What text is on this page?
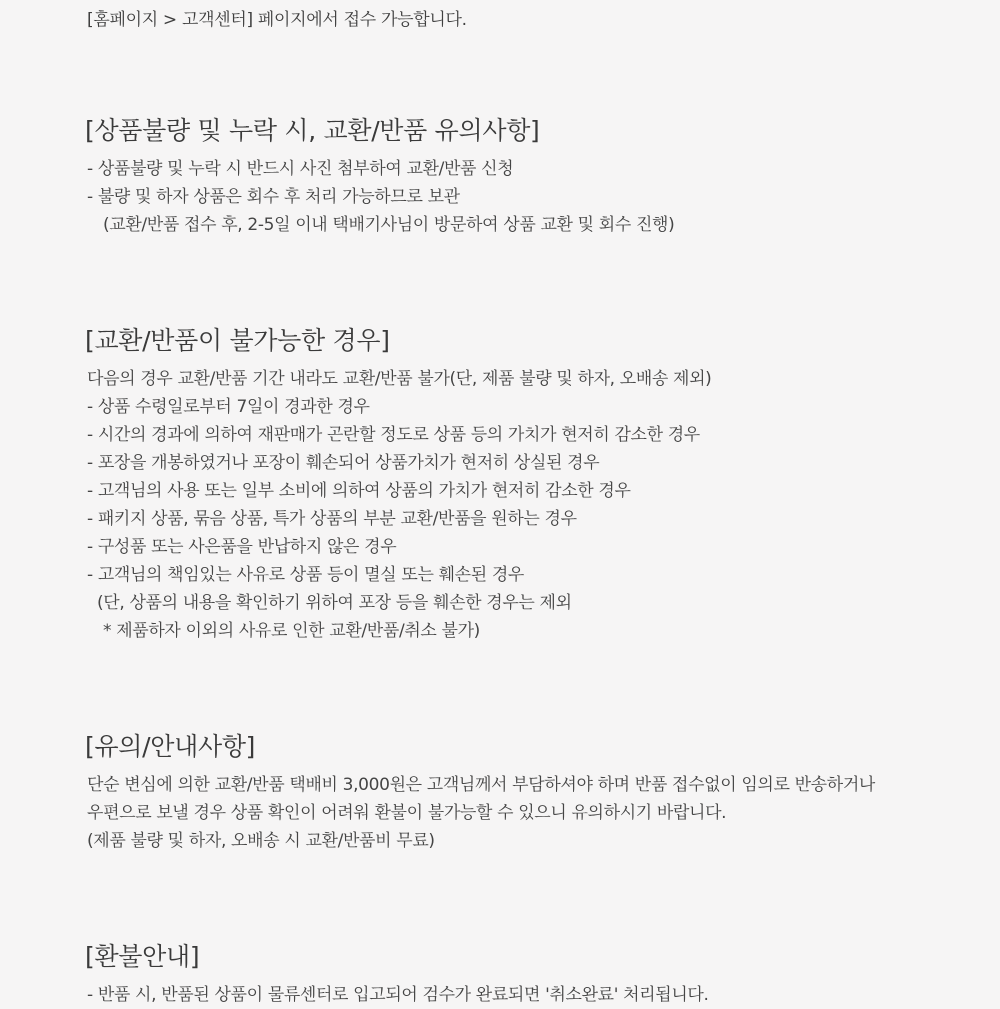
[홈페이지 > 고객센터] 페이지에서 접수 가능합니다.
[상품불량 및 누락 시, 교환/반품 유의사항]
- 상품불량 및 누락 시 반드시 사진 첨부하여 교환/반품 신청
- 불량 및 하자 상품은 회수 후 처리 가능하므로 보관
(교환/반품 접수 후, 2-5일 이내 택배기사님이 방문하여 상품 교환 및 회수 진행)
[교환/반품이 불가능한 경우]
다음의 경우 교환/반품 기간 내라도 교환/반품 불가(단, 제품 불량 및 하자, 오배송 제외)
- 상품 수령일로부터 7일이 경과한 경우
- 시간의 경과에 의하여 재판매가 곤란할 정도로 상품 등의 가치가 현저히 감소한 경우
- 포장을 개봉하였거나 포장이 훼손되어 상품가치가 현저히 상실된 경우
- 고객님의 사용 또는 일부 소비에 의하여 상품의 가치가 현저히 감소한 경우
- 패키지 상품, 묶음 상품, 특가 상품의 부분 교환/반품을 원하는 경우
- 구성품 또는 사은품을 반납하지 않은 경우
- 고객님의 책임있는 사유로 상품 등이 멸실 또는 훼손된 경우
(단, 상품의 내용을 확인하기 위하여 포장 등을 훼손한 경우는 제외
* 제품하자 이외의 사유로 인한 교환/반품/취소 불가)
[유의/안내사항]
단순 변심에 의한 교환/반품 택배비 3,000원은 고객님께서 부담하셔야 하며 반품 접수없이 임의로 반송하거나
우편으로 보낼 경우 상품 확인이 어려워 환불이 불가능할 수 있으니 유의하시기 바랍니다.
(제품 불량 및 하자, 오배송 시 교환/반품비 무료)
[환불안내]
- 반품 시, 반품된 상품이 물류센터로 입고되어 검수가 완료되면 '취소완료' 처리됩니다.
